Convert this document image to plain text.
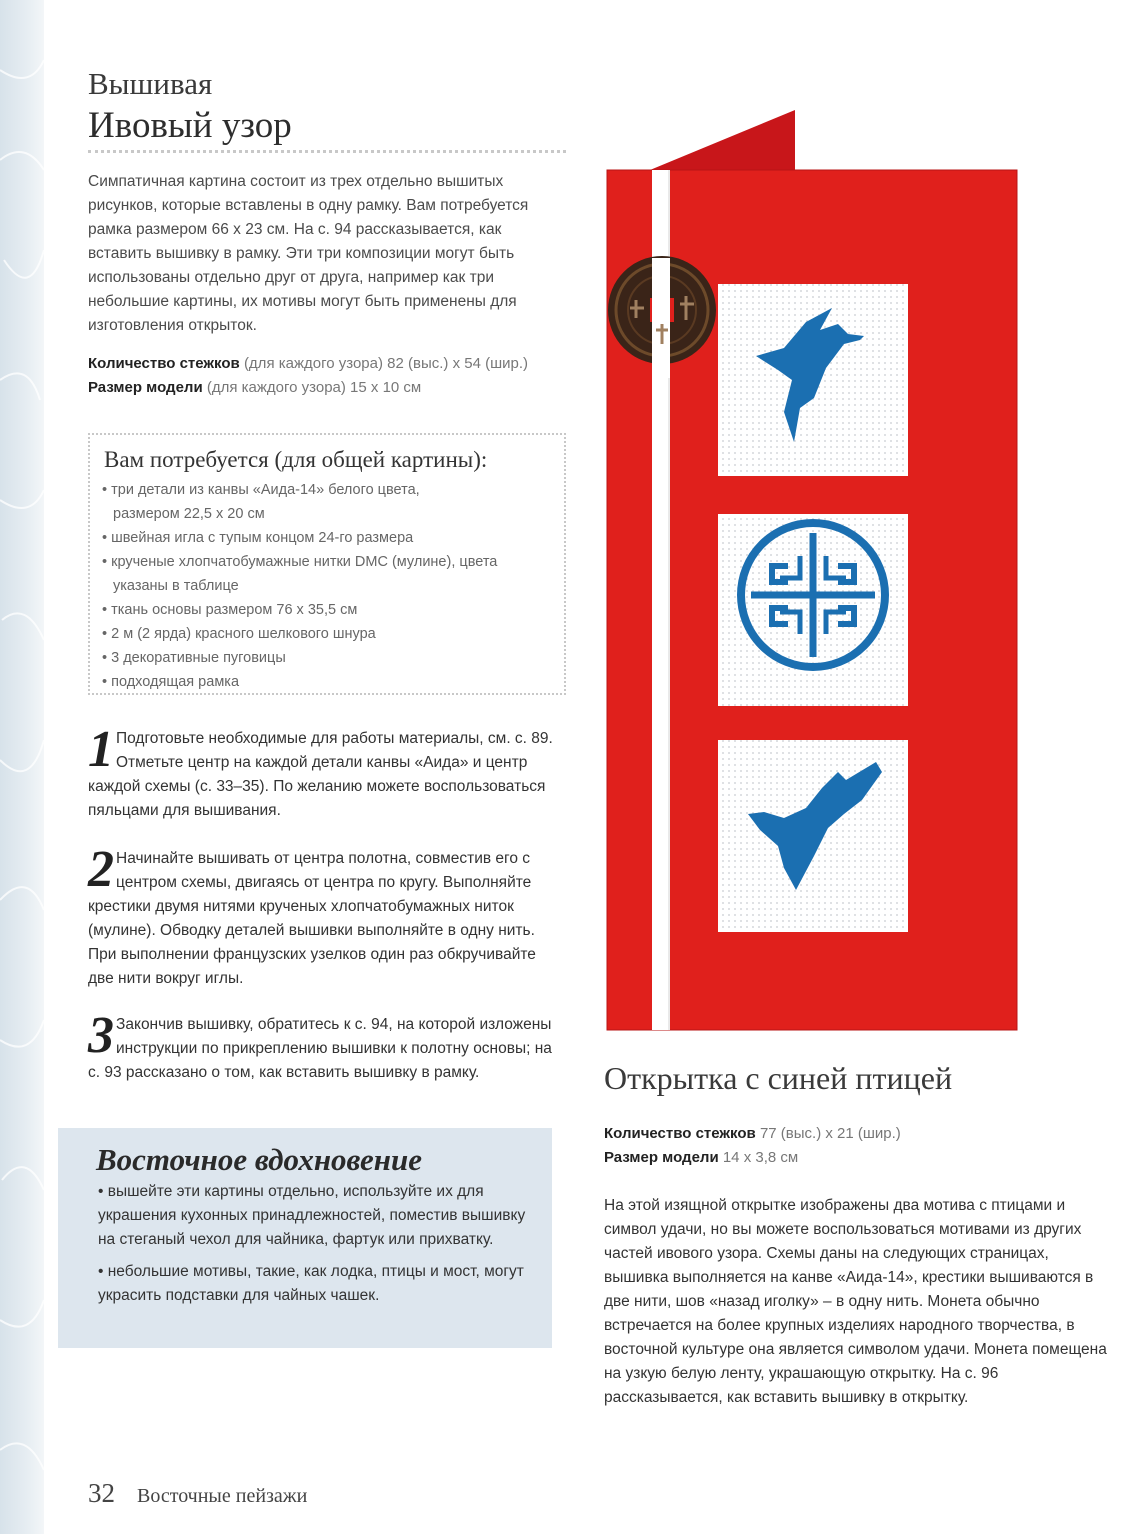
Вышивая
Ивовый узор
Симпатичная картина состоит из трех отдельно вышитых рисунков, которые вставлены в одну рамку. Вам потребуется рамка размером 66 x 23 см. На с. 94 рассказывается, как вставить вышивку в рамку. Эти три композиции могут быть использованы отдельно друг от друга, например как три небольшие картины, их мотивы могут быть применены для изготовления открыток.
Количество стежков (для каждого узора) 82 (выс.) x 54 (шир.)
Размер модели (для каждого узора) 15 x 10 см
Вам потребуется (для общей картины):
• три детали из канвы «Аида-14» белого цвета,
размером 22,5 x 20 см
• швейная игла с тупым концом 24-го размера
• крученые хлопчатобумажные нитки DMC (мулине), цвета
указаны в таблице
• ткань основы размером 76 x 35,5 см
• 2 м (2 ярда) красного шелкового шнура
• 3 декоративные пуговицы
• подходящая рамка
1 Подготовьте необходимые для работы материалы, см. с. 89. Отметьте центр на каждой детали канвы «Аида» и центр каждой схемы (с. 33–35). По желанию можете воспользоваться пяльцами для вышивания.
2 Начинайте вышивать от центра полотна, совместив его с центром схемы, двигаясь от центра по кругу. Выполняйте крестики двумя нитями крученых хлопчатобумажных ниток (мулине). Обводку деталей вышивки выполняйте в одну нить. При выполнении французских узелков один раз обкручивайте две нити вокруг иглы.
3 Закончив вышивку, обратитесь к с. 94, на которой изложены инструкции по прикреплению вышивки к полотну основы; на с. 93 рассказано о том, как вставить вышивку в рамку.
Восточное вдохновение

• вышейте эти картины отдельно, используйте их для украшения кухонных принадлежностей, поместив вышивку на стеганый чехол для чайника, фартук или прихватку.

• небольшие мотивы, такие, как лодка, птицы и мост, могут украсить подставки для чайных чашек.

Открытка с синей птицей
Количество стежков 77 (выс.) x 21 (шир.)
Размер модели 14 x 3,8 см
На этой изящной открытке изображены два мотива с птицами и символ удачи, но вы можете воспользоваться мотивами из других частей ивового узора. Схемы даны на следующих страницах, вышивка выполняется на канве «Аида-14», крестики вышиваются в две нити, шов «назад иголку» – в одну нить. Монета обычно встречается на более крупных изделиях народного творчества, в восточной культуре она является символом удачи. Монета помещена на узкую белую ленту, украшающую открытку. На с. 96 рассказывается, как вставить вышивку в открытку.
32 Восточные пейзажи
